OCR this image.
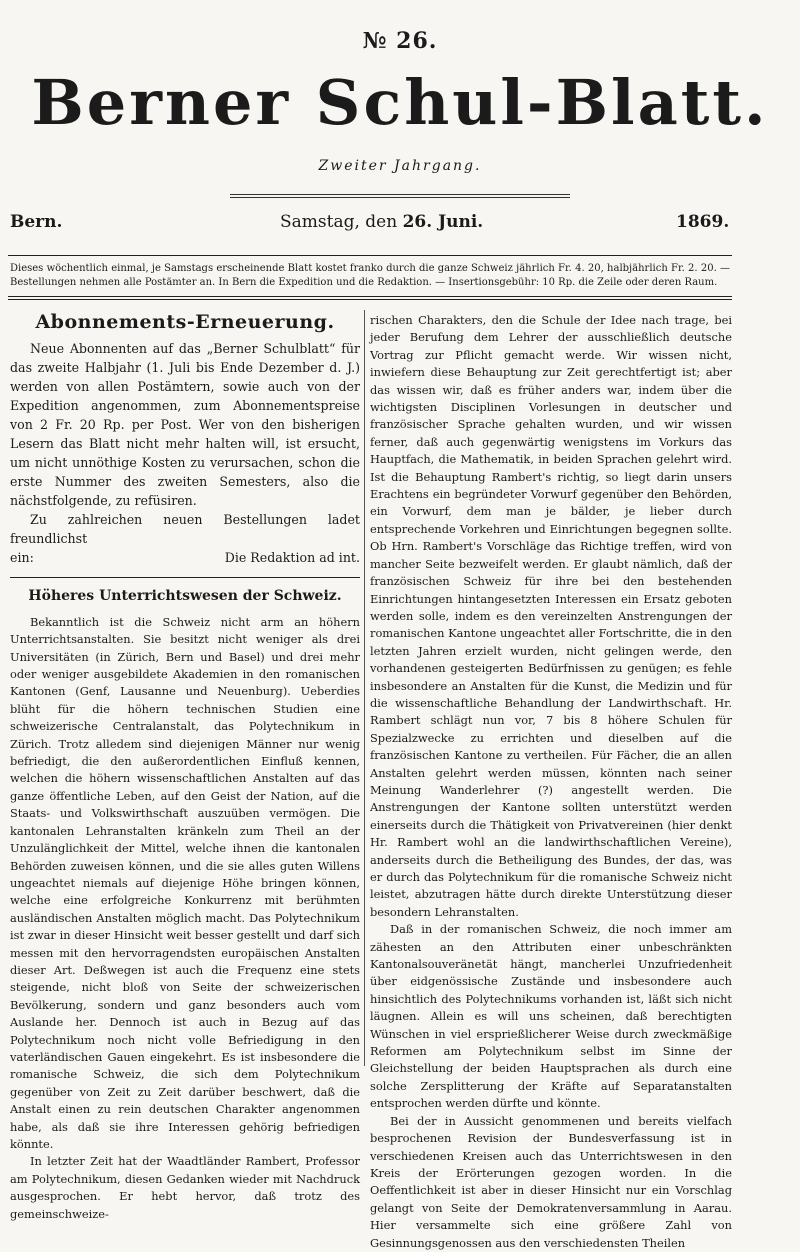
№ 26.
Berner Schul-Blatt.
Zweiter Jahrgang.
Bern.	Samstag, den 26. Juni.	1869.
Dieses wöchentlich einmal, je Samstags erscheinende Blatt kostet franko durch die ganze Schweiz jährlich Fr. 4. 20, halbjährlich Fr. 2. 20. — Bestellungen nehmen alle Postämter an. In Bern die Expedition und die Redaktion. — Insertionsgebühr: 10 Rp. die Zeile oder deren Raum.
Abonnements-Erneuerung.

Neue Abonnenten auf das „Berner Schulblatt“ für das zweite Halbjahr (1. Juli bis Ende Dezember d. J.) werden von allen Postämtern, sowie auch von der Expedition angenommen, zum Abonnementspreise von 2 Fr. 20 Rp. per Post. Wer von den bisherigen Lesern das Blatt nicht mehr halten will, ist ersucht, um nicht unnöthige Kosten zu verursachen, schon die erste Nummer des zweiten Semesters, also die nächstfolgende, zu refüsiren.

Zu zahlreichen neuen Bestellungen ladet freundlichst

ein:	Die Redaktion ad int.

Höheres Unterrichtswesen der Schweiz.

Bekanntlich ist die Schweiz nicht arm an höhern Unterrichtsanstalten. Sie besitzt nicht weniger als drei Universitäten (in Zürich, Bern und Basel) und drei mehr oder weniger ausgebildete Akademien in den romanischen Kantonen (Genf, Lausanne und Neuenburg). Ueberdies blüht für die höhern technischen Studien eine schweizerische Centralanstalt, das Polytechnikum in Zürich. Trotz alledem sind diejenigen Männer nur wenig befriedigt, die den außerordentlichen Einfluß kennen, welchen die höhern wissenschaftlichen Anstalten auf das ganze öffentliche Leben, auf den Geist der Nation, auf die Staats- und Volkswirthschaft auszuüben vermögen. Die kantonalen Lehranstalten kränkeln zum Theil an der Unzulänglichkeit der Mittel, welche ihnen die kantonalen Behörden zuweisen können, und die sie alles guten Willens ungeachtet niemals auf diejenige Höhe bringen können, welche eine erfolgreiche Konkurrenz mit berühmten ausländischen Anstalten möglich macht. Das Polytechnikum ist zwar in dieser Hinsicht weit besser gestellt und darf sich messen mit den hervorragendsten europäischen Anstalten dieser Art. Deßwegen ist auch die Frequenz eine stets steigende, nicht bloß von Seite der schweizerischen Bevölkerung, sondern und ganz besonders auch vom Auslande her. Dennoch ist auch in Bezug auf das Polytechnikum noch nicht volle Befriedigung in den vaterländischen Gauen eingekehrt. Es ist insbesondere die romanische Schweiz, die sich dem Polytechnikum gegenüber von Zeit zu Zeit darüber beschwert, daß die Anstalt einen zu rein deutschen Charakter angenommen habe, als daß sie ihre Interessen gehörig befriedigen könnte.

In letzter Zeit hat der Waadtländer Rambert, Professor am Polytechnikum, diesen Gedanken wieder mit Nachdruck ausgesprochen. Er hebt hervor, daß trotz des gemeinschweize-

rischen Charakters, den die Schule der Idee nach trage, bei jeder Berufung dem Lehrer der ausschließlich deutsche Vortrag zur Pflicht gemacht werde. Wir wissen nicht, inwiefern diese Behauptung zur Zeit gerechtfertigt ist; aber das wissen wir, daß es früher anders war, indem über die wichtigsten Disciplinen Vorlesungen in deutscher und französischer Sprache gehalten wurden, und wir wissen ferner, daß auch gegenwärtig wenigstens im Vorkurs das Hauptfach, die Mathematik, in beiden Sprachen gelehrt wird. Ist die Behauptung Rambert's richtig, so liegt darin unsers Erachtens ein begründeter Vorwurf gegenüber den Behörden, ein Vorwurf, dem man je bälder, je lieber durch entsprechende Vorkehren und Einrichtungen begegnen sollte. Ob Hrn. Rambert's Vorschläge das Richtige treffen, wird von mancher Seite bezweifelt werden. Er glaubt nämlich, daß der französischen Schweiz für ihre bei den bestehenden Einrichtungen hintangesetzten Interessen ein Ersatz geboten werden solle, indem es den vereinzelten Anstrengungen der romanischen Kantone ungeachtet aller Fortschritte, die in den letzten Jahren erzielt wurden, nicht gelingen werde, den vorhandenen gesteigerten Bedürfnissen zu genügen; es fehle insbesondere an Anstalten für die Kunst, die Medizin und für die wissenschaftliche Behandlung der Landwirthschaft. Hr. Rambert schlägt nun vor, 7 bis 8 höhere Schulen für Spezialzwecke zu errichten und dieselben auf die französischen Kantone zu vertheilen. Für Fächer, die an allen Anstalten gelehrt werden müssen, könnten nach seiner Meinung Wanderlehrer (?) angestellt werden. Die Anstrengungen der Kantone sollten unterstützt werden einerseits durch die Thätigkeit von Privatvereinen (hier denkt Hr. Rambert wohl an die landwirthschaftlichen Vereine), anderseits durch die Betheiligung des Bundes, der das, was er durch das Polytechnikum für die romanische Schweiz nicht leistet, abzutragen hätte durch direkte Unterstützung dieser besondern Lehranstalten.

Daß in der romanischen Schweiz, die noch immer am zähesten an den Attributen einer unbeschränkten Kantonalsouveränetät hängt, mancherlei Unzufriedenheit über eidgenössische Zustände und insbesondere auch hinsichtlich des Polytechnikums vorhanden ist, läßt sich nicht läugnen. Allein es will uns scheinen, daß berechtigten Wünschen in viel ersprießlicherer Weise durch zweckmäßige Reformen am Polytechnikum selbst im Sinne der Gleichstellung der beiden Hauptsprachen als durch eine solche Zersplitterung der Kräfte auf Separatanstalten entsprochen werden dürfte und könnte.

Bei der in Aussicht genommenen und bereits vielfach besprochenen Revision der Bundesverfassung ist in verschiedenen Kreisen auch das Unterrichtswesen in den Kreis der Erörterungen gezogen worden. In die Oeffentlichkeit ist aber in dieser Hinsicht nur ein Vorschlag gelangt von Seite der Demokratenversammlung in Aarau. Hier versammelte sich eine größere Zahl von Gesinnungsgenossen aus den verschiedensten Theilen
